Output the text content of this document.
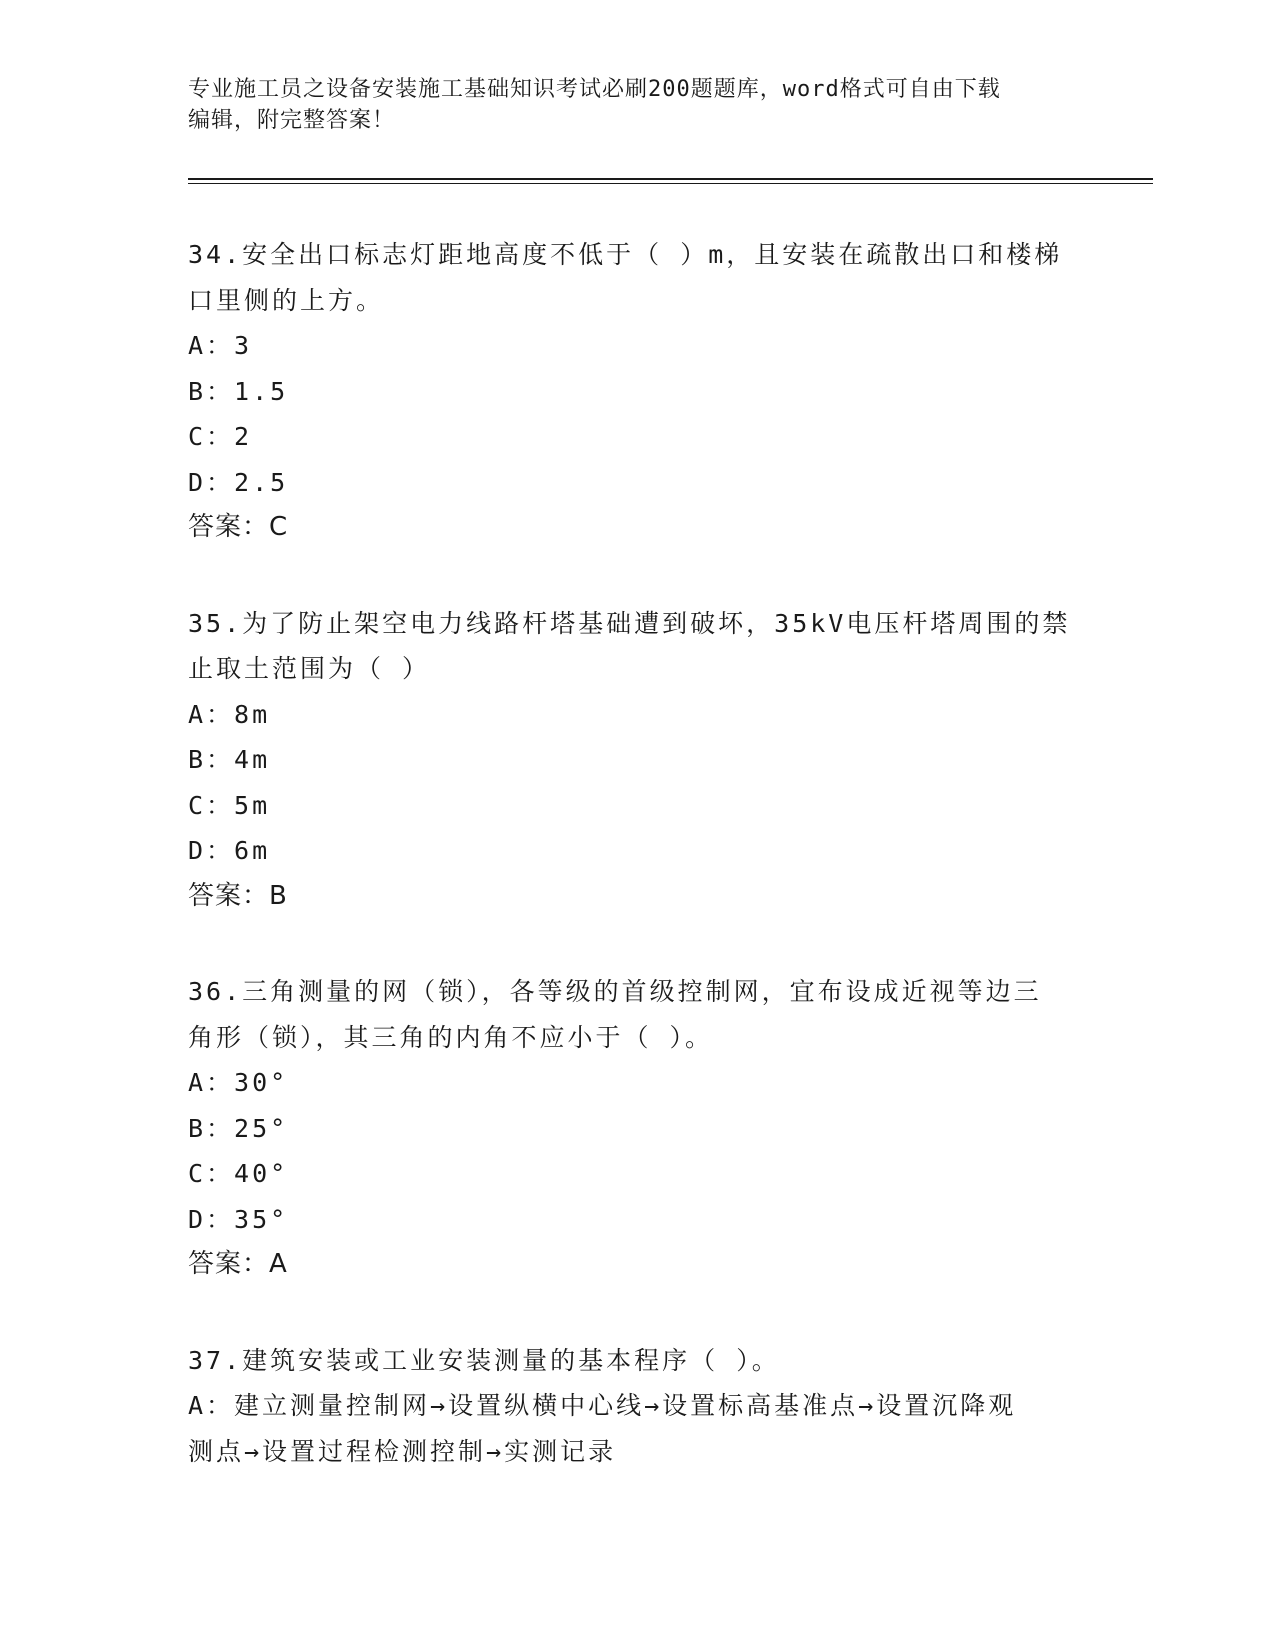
专业施工员之设备安装施工基础知识考试必刷200题题库，word格式可自由下载
编辑，附完整答案！
34.安全出口标志灯距地高度不低于（ ）m，且安装在疏散出口和楼梯
口里侧的上方。
A：3
B：1.5
C：2
D：2.5
答案：C
35.为了防止架空电力线路杆塔基础遭到破坏，35kV电压杆塔周围的禁
止取土范围为（ ）
A：8m
B：4m
C：5m
D：6m
答案：B
36.三角测量的网（锁），各等级的首级控制网，宜布设成近视等边三
角形（锁），其三角的内角不应小于（ ）。
A：30°
B：25°
C：40°
D：35°
答案：A
37.建筑安装或工业安装测量的基本程序（ ）。
A：建立测量控制网→设置纵横中心线→设置标高基准点→设置沉降观
测点→设置过程检测控制→实测记录
